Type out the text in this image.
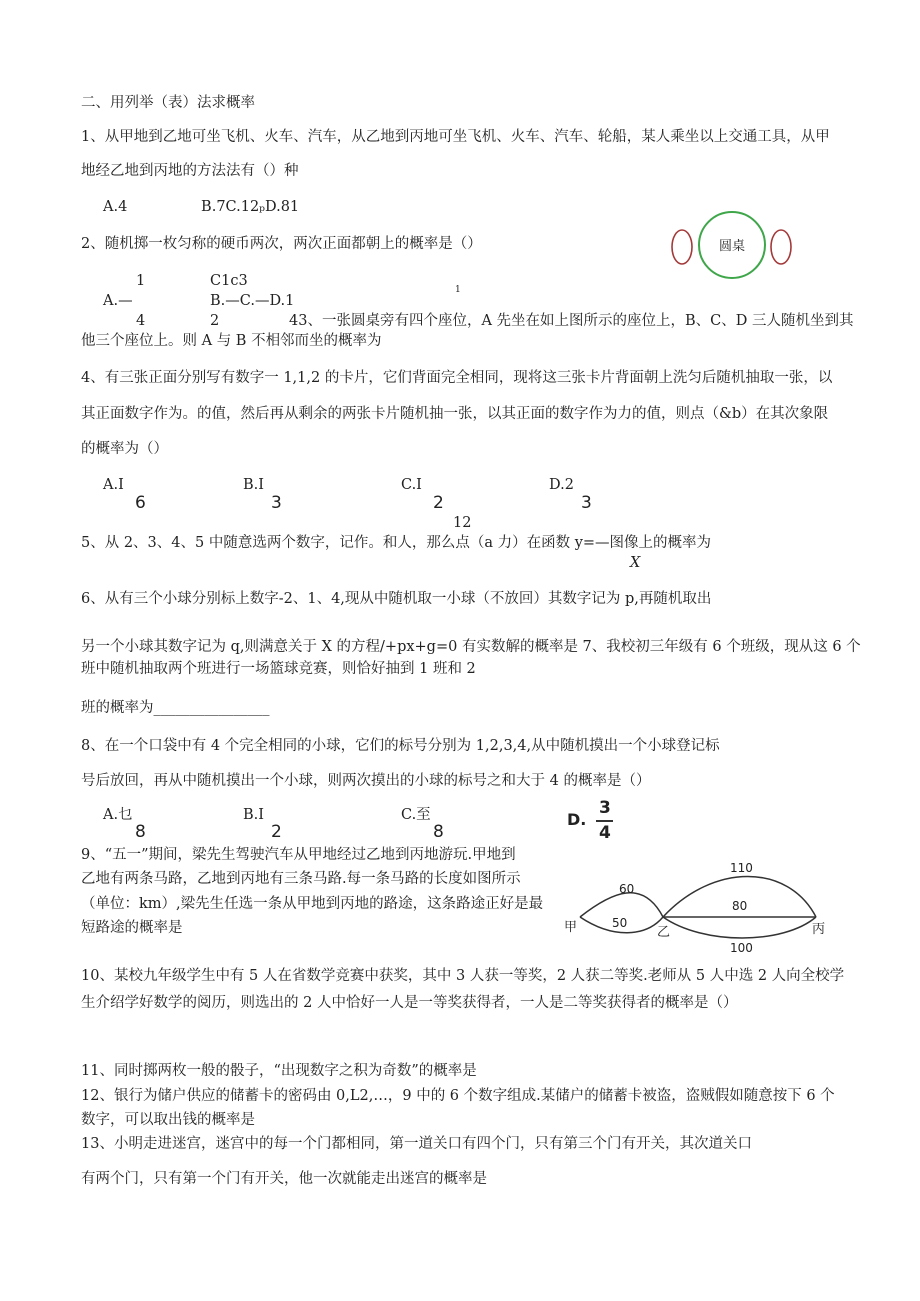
二、用列举（表）法求概率
1、从甲地到乙地可坐飞机、火车、汽车，从乙地到丙地可坐飞机、火车、汽车、轮船，某人乘坐以上交通工具，从甲
地经乙地到丙地的方法法有（）种
A.4                B.7C.12ₚD.81
2、随机掷一枚匀称的硬币两次，两次正面都朝上的概率是（）
1	C1c3
1
A.—	B.—C.—D.1
4	2	43、一张圆桌旁有四个座位，A 先坐在如上图所示的座位上，B、C、D 三人随机坐到其
他三个座位上。则 A 与 B 不相邻而坐的概率为
圆桌
4、有三张正面分别写有数字一 1,1,2 的卡片，它们背面完全相同，现将这三张卡片背面朝上洗匀后随机抽取一张，以
其正面数字作为。的值，然后再从剩余的两张卡片随机抽一张，以其正面的数字作为力的值，则点（&b）在其次象限
的概率为（）
A.I	B.I	C.I	D.2
6	3	2	3
12
5、从 2、3、4、5 中随意选两个数字，记作。和人，那么点（a 力）在函数 y=—图像上的概率为
X
6、从有三个小球分别标上数字-2、1、4,现从中随机取一小球（不放回）其数字记为 p,再随机取出
另一个小球其数字记为 q,则满意关于 X 的方程/+px+g=0 有实数解的概率是 7、我校初三年级有 6 个班级，现从这 6 个
班中随机抽取两个班进行一场篮球竞赛，则恰好抽到 1 班和 2
班的概率为________________
8、在一个口袋中有 4 个完全相同的小球，它们的标号分别为 1,2,3,4,从中随机摸出一个小球登记标
号后放回，再从中随机摸出一个小球，则两次摸出的小球的标号之和大于 4 的概率是（）
A.乜	B.I	C.至
8	2	8
D.
3
4
9、“五一”期间，梁先生驾驶汽车从甲地经过乙地到丙地游玩.甲地到
乙地有两条马路，乙地到丙地有三条马路.每一条马路的长度如图所示
（单位：km）,梁先生任选一条从甲地到丙地的路途，这条路途正好是最
短路途的概率是	甲	乙	丙
60
50
110
80
100
10、某校九年级学生中有 5 人在省数学竞赛中获奖，其中 3 人获一等奖，2 人获二等奖.老师从 5 人中选 2 人向全校学
生介绍学好数学的阅历，则选出的 2 人中恰好一人是一等奖获得者，一人是二等奖获得者的概率是（）
11、同时掷两枚一般的骰子，“出现数字之积为奇数”的概率是
12、银行为储户供应的储蓄卡的密码由 0,L2,…，9 中的 6 个数字组成.某储户的储蓄卡被盗，盗贼假如随意按下 6 个
数字，可以取出钱的概率是
13、小明走进迷宫，迷宫中的每一个门都相同，第一道关口有四个门，只有第三个门有开关，其次道关口
有两个门，只有第一个门有开关，他一次就能走出迷宫的概率是
